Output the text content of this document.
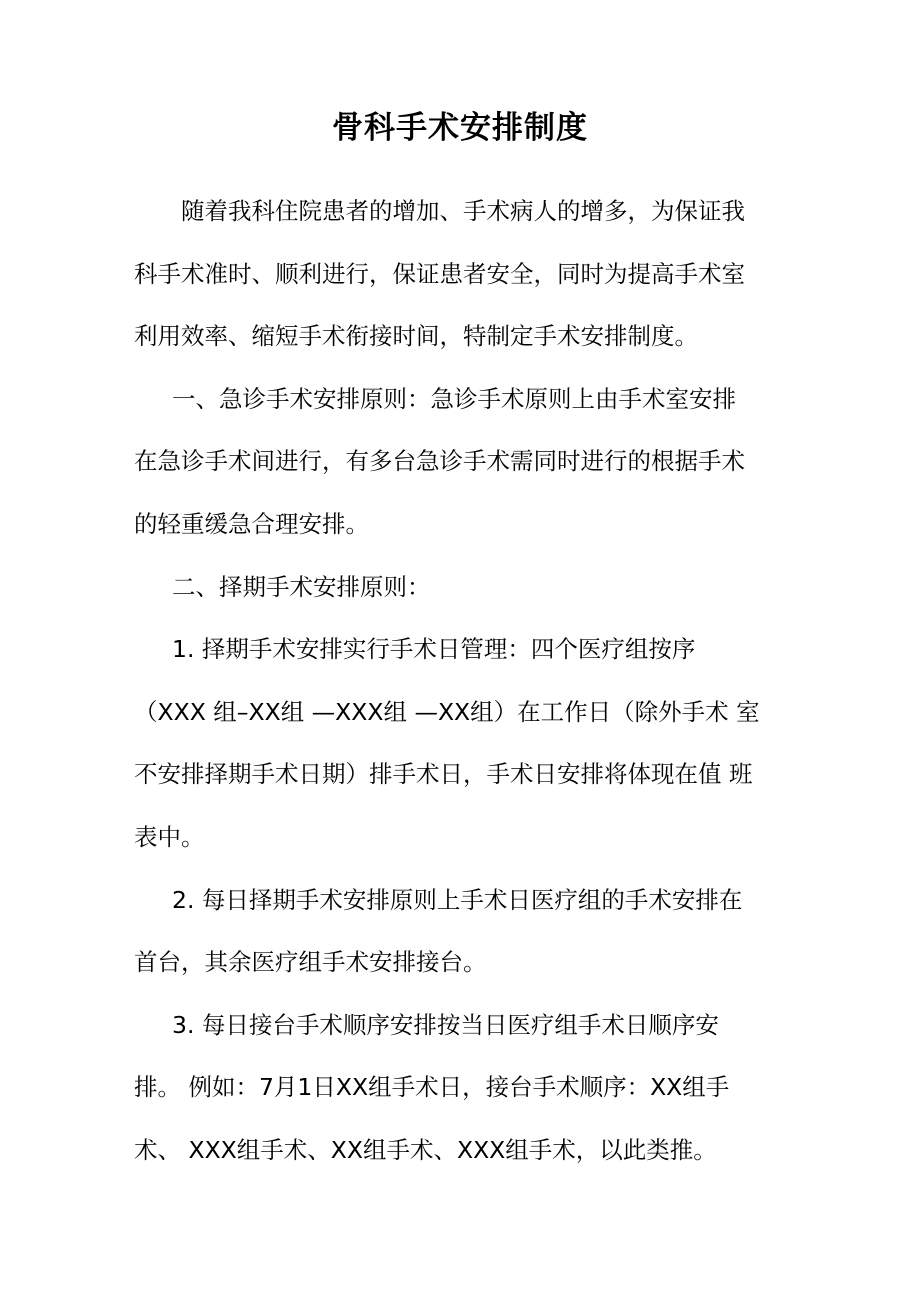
骨科手术安排制度
随着我科住院患者的增加、手术病人的增多，为保证我
科手术准时、顺利进行，保证患者安全，同时为提高手术室
利用效率、缩短手术衔接时间，特制定手术安排制度。
一、急诊手术安排原则：急诊手术原则上由手术室安排
在急诊手术间进行，有多台急诊手术需同时进行的根据手术
的轻重缓急合理安排。
二、择期手术安排原则：
1. 择期手术安排实行手术日管理：四个医疗组按序
（XXX 组–XX组 —XXX组 —XX组）在工作日（除外手术 室
不安排择期手术日期）排手术日，手术日安排将体现在值 班
表中。
2. 每日择期手术安排原则上手术日医疗组的手术安排在
首台，其余医疗组手术安排接台。
3. 每日接台手术顺序安排按当日医疗组手术日顺序安
排。 例如：7月1日XX组手术日，接台手术顺序：XX组手
术、 XXX组手术、XX组手术、XXX组手术，以此类推。
